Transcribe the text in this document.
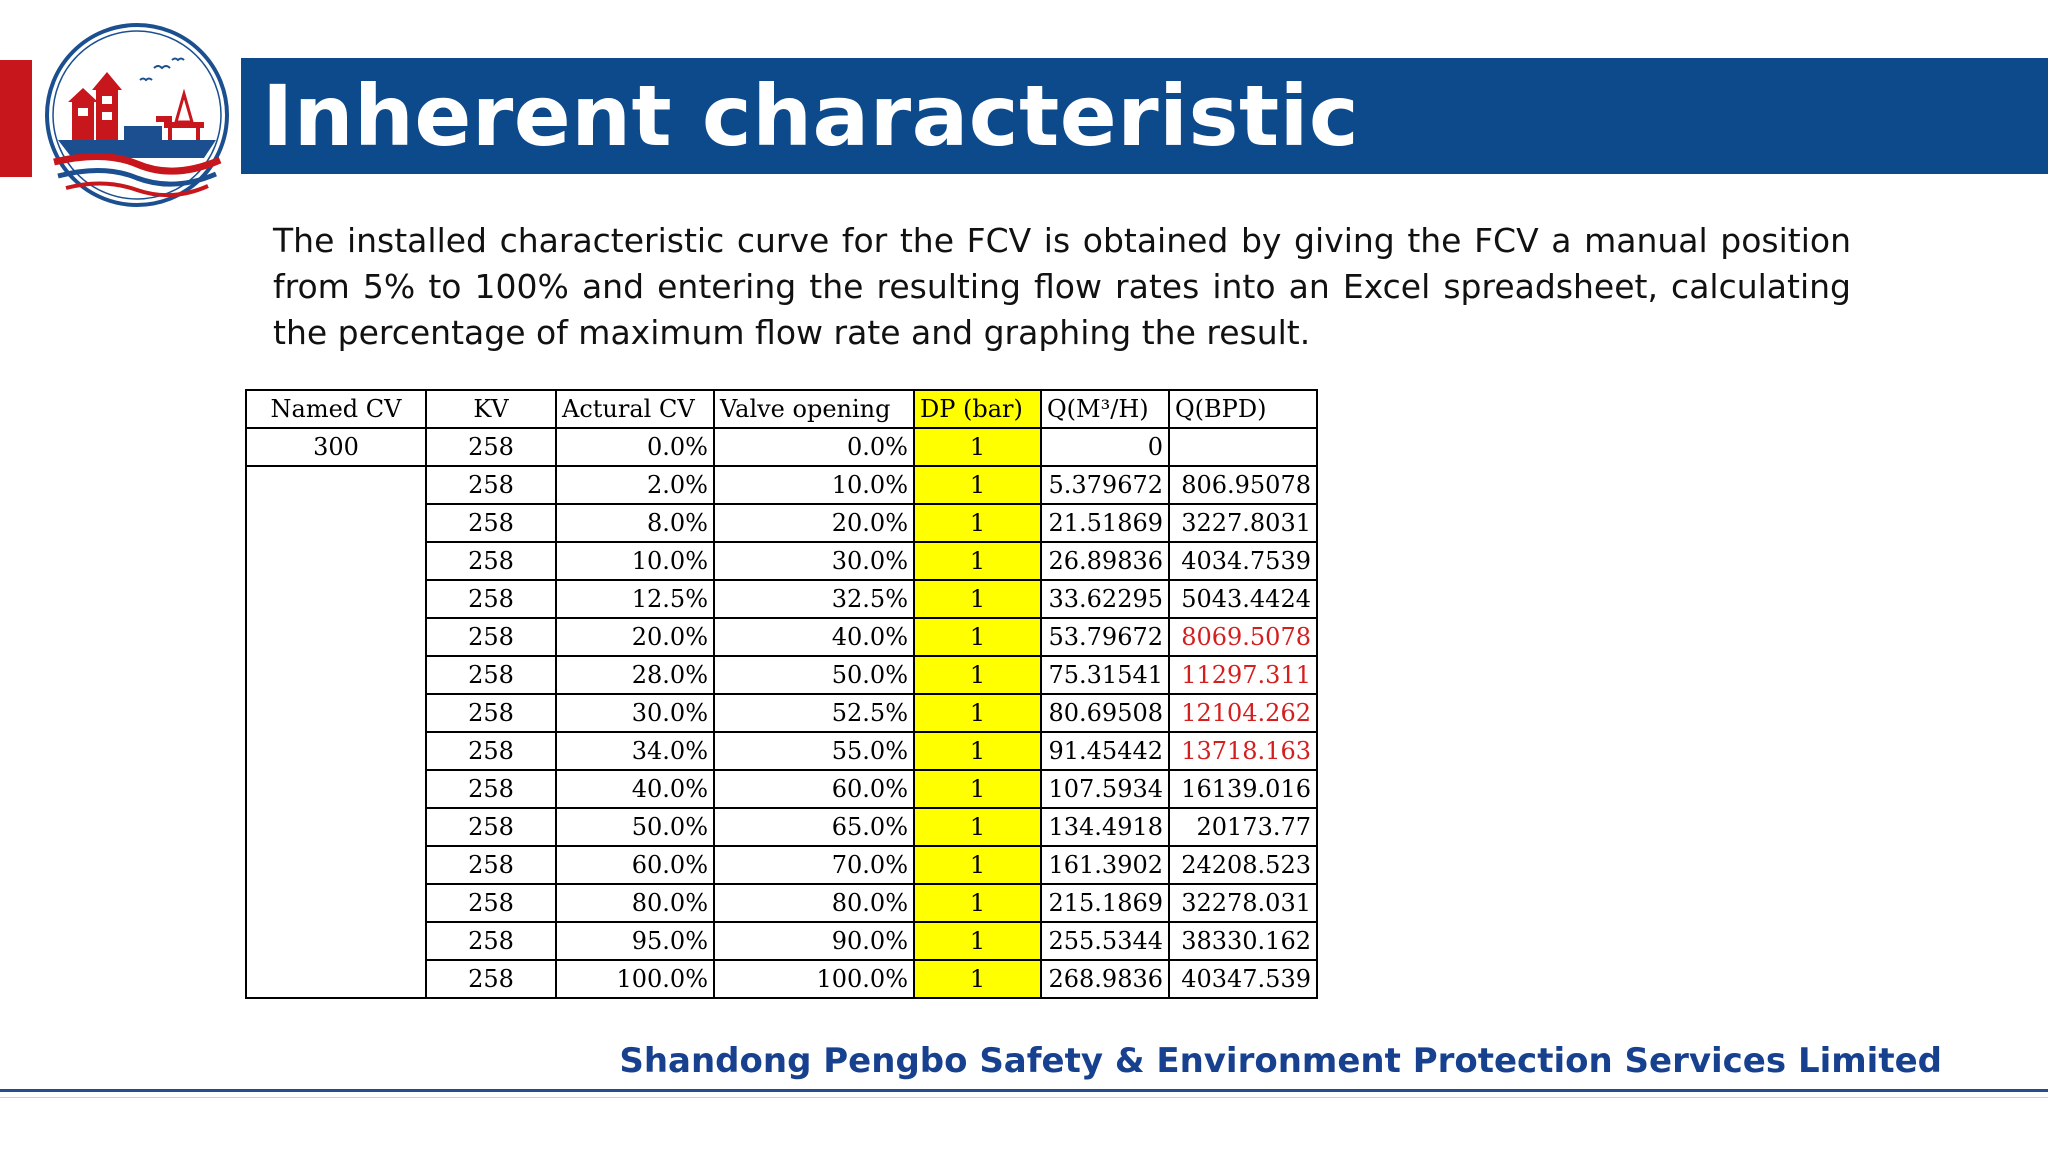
Inherent characteristic
The installed characteristic curve for the FCV is obtained by giving the FCV a manual position from 5% to 100% and entering the resulting flow rates into an Excel spreadsheet, calculating the percentage of maximum flow rate and graphing the result.
Named CV	KV	Actural CV	Valve opening	DP (bar)	Q(M³/H)	Q(BPD)
300	258	0.0%	0.0%	1	0	
	258	2.0%	10.0%	1	5.379672	806.95078
	258	8.0%	20.0%	1	21.51869	3227.8031
	258	10.0%	30.0%	1	26.89836	4034.7539
	258	12.5%	32.5%	1	33.62295	5043.4424
	258	20.0%	40.0%	1	53.79672	8069.5078
	258	28.0%	50.0%	1	75.31541	11297.311
	258	30.0%	52.5%	1	80.69508	12104.262
	258	34.0%	55.0%	1	91.45442	13718.163
	258	40.0%	60.0%	1	107.5934	16139.016
	258	50.0%	65.0%	1	134.4918	20173.77
	258	60.0%	70.0%	1	161.3902	24208.523
	258	80.0%	80.0%	1	215.1869	32278.031
	258	95.0%	90.0%	1	255.5344	38330.162
	258	100.0%	100.0%	1	268.9836	40347.539
Shandong Pengbo Safety & Environment Protection Services Limited
